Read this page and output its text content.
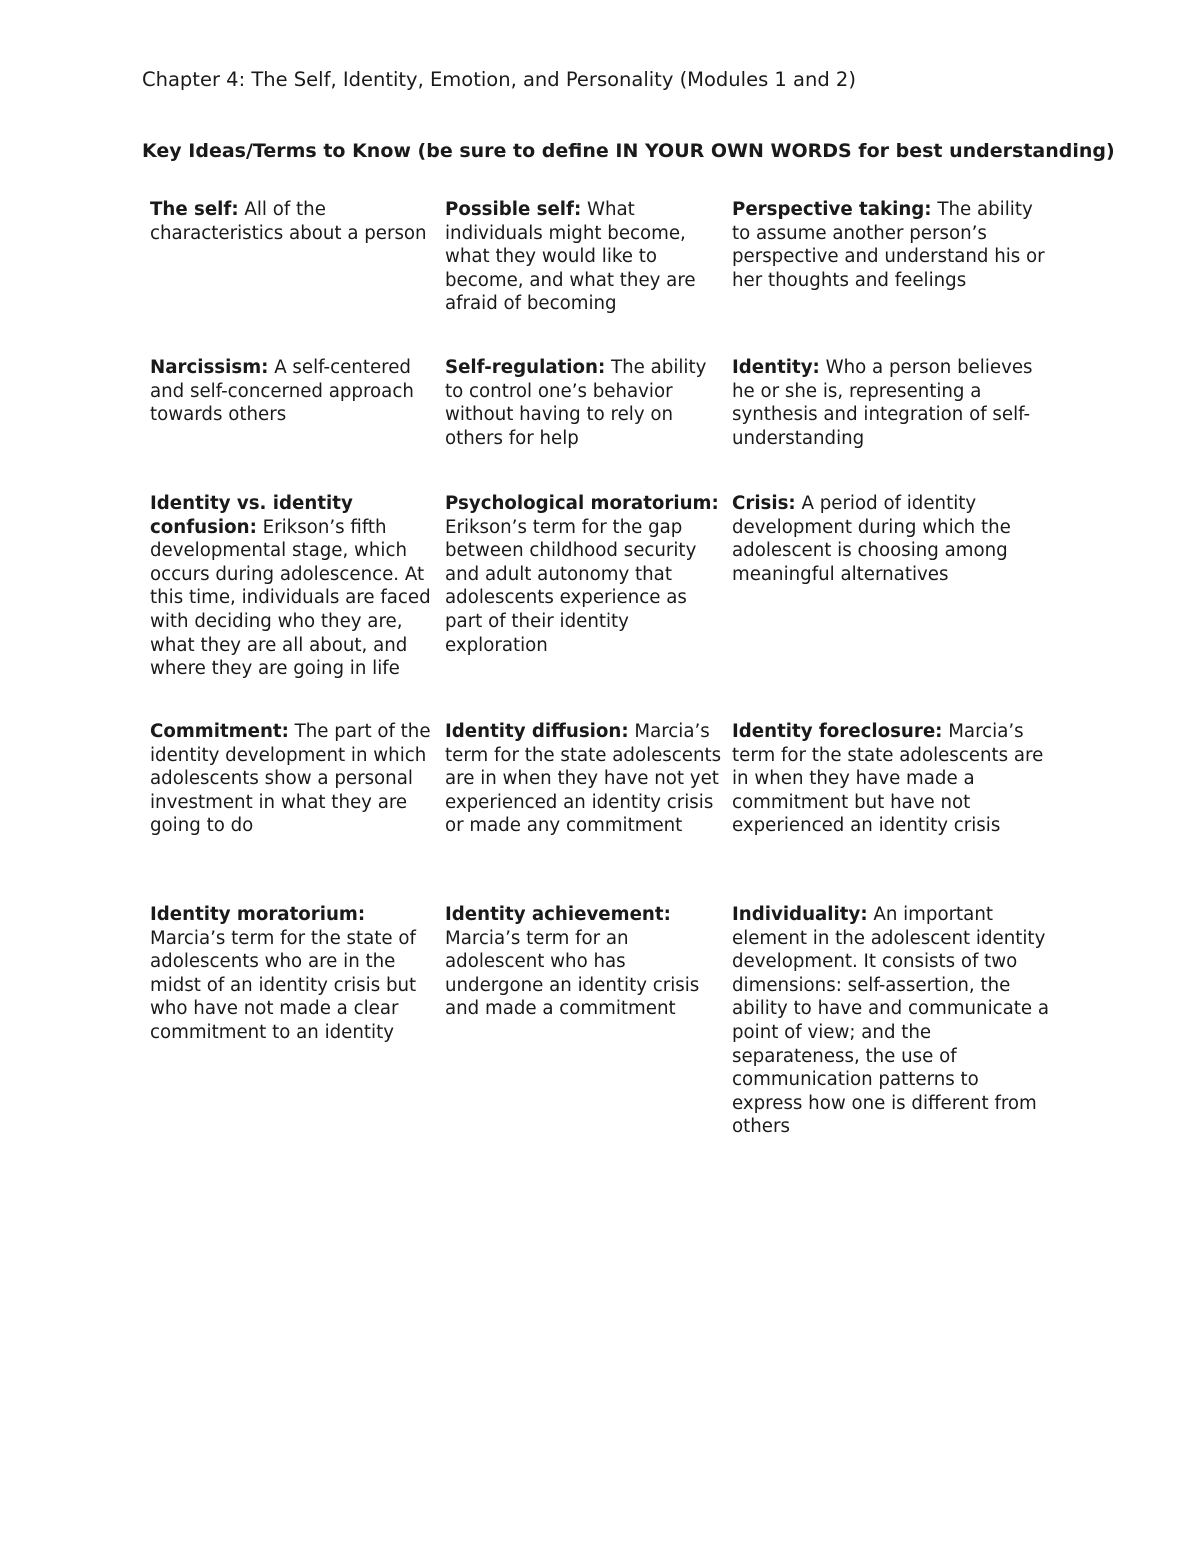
Chapter 4: The Self, Identity, Emotion, and Personality (Modules 1 and 2)
Key Ideas/Terms to Know (be sure to define IN YOUR OWN WORDS for best understanding)
The self: All of the characteristics about a person
Possible self: What individuals might become, what they would like to become, and what they are afraid of becoming
Perspective taking: The ability to assume another person’s perspective and understand his or her thoughts and feelings
Narcissism: A self-centered and self-concerned approach towards others
Self-regulation: The ability to control one’s behavior without having to rely on others for help
Identity: Who a person believes he or she is, representing a synthesis and integration of self-understanding
Identity vs. identity confusion: Erikson’s fifth developmental stage, which occurs during adolescence. At this time, individuals are faced with deciding who they are, what they are all about, and where they are going in life
Psychological moratorium: Erikson’s term for the gap between childhood security and adult autonomy that adolescents experience as part of their identity exploration
Crisis: A period of identity development during which the adolescent is choosing among meaningful alternatives
Commitment: The part of the identity development in which adolescents show a personal investment in what they are going to do
Identity diffusion: Marcia’s term for the state adolescents are in when they have not yet experienced an identity crisis or made any commitment
Identity foreclosure: Marcia’s term for the state adolescents are in when they have made a commitment but have not experienced an identity crisis
Identity moratorium: Marcia’s term for the state of adolescents who are in the midst of an identity crisis but who have not made a clear commitment to an identity
Identity achievement: Marcia’s term for an adolescent who has undergone an identity crisis and made a commitment
Individuality: An important element in the adolescent identity development. It consists of two dimensions: self-assertion, the ability to have and communicate a point of view; and the separateness, the use of communication patterns to express how one is different from others
